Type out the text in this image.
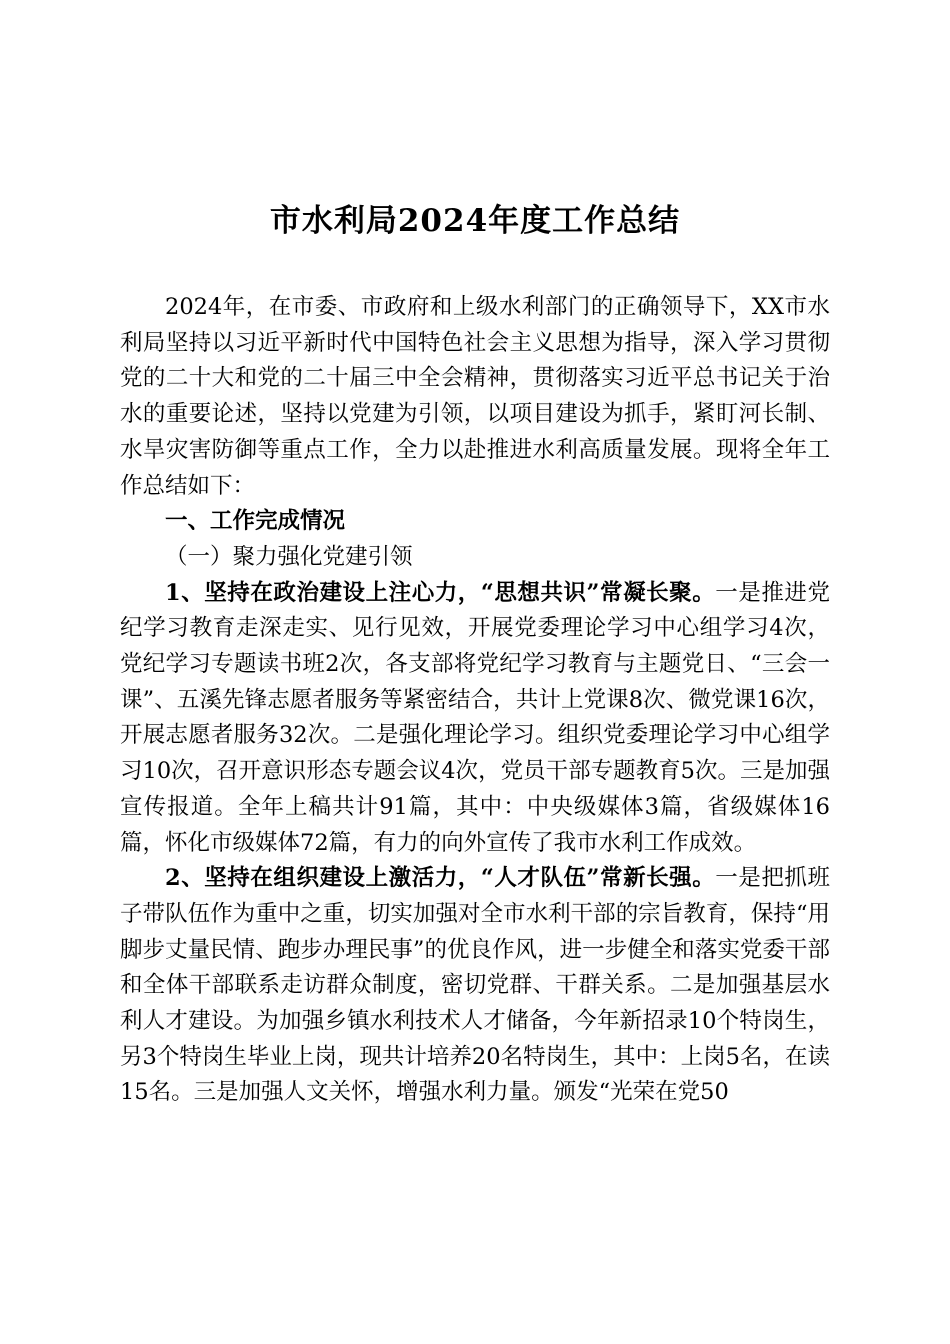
市水利局2024年度工作总结

2024年，在市委、市政府和上级水利部门的正确领导下，XX市水利局坚持以习近平新时代中国特色社会主义思想为指导，深入学习贯彻党的二十大和党的二十届三中全会精神，贯彻落实习近平总书记关于治水的重要论述，坚持以党建为引领，以项目建设为抓手，紧盯河长制、水旱灾害防御等重点工作，全力以赴推进水利高质量发展。现将全年工作总结如下：

一、工作完成情况

（一）聚力强化党建引领

1、坚持在政治建设上注心力，“思想共识”常凝长聚。一是推进党纪学习教育走深走实、见行见效，开展党委理论学习中心组学习4次，党纪学习专题读书班2次，各支部将党纪学习教育与主题党日、“三会一课”、五溪先锋志愿者服务等紧密结合，共计上党课8次、微党课16次，开展志愿者服务32次。二是强化理论学习。组织党委理论学习中心组学习10次，召开意识形态专题会议4次，党员干部专题教育5次。三是加强宣传报道。全年上稿共计91篇，其中：中央级媒体3篇，省级媒体16篇，怀化市级媒体72篇，有力的向外宣传了我市水利工作成效。

2、坚持在组织建设上激活力，“人才队伍”常新长强。一是把抓班子带队伍作为重中之重，切实加强对全市水利干部的宗旨教育，保持“用脚步丈量民情、跑步办理民事”的优良作风，进一步健全和落实党委干部和全体干部联系走访群众制度，密切党群、干群关系。二是加强基层水利人才建设。为加强乡镇水利技术人才储备，今年新招录10个特岗生，另3个特岗生毕业上岗，现共计培养20名特岗生，其中：上岗5名，在读15名。三是加强人文关怀，增强水利力量。颁发“光荣在党50
